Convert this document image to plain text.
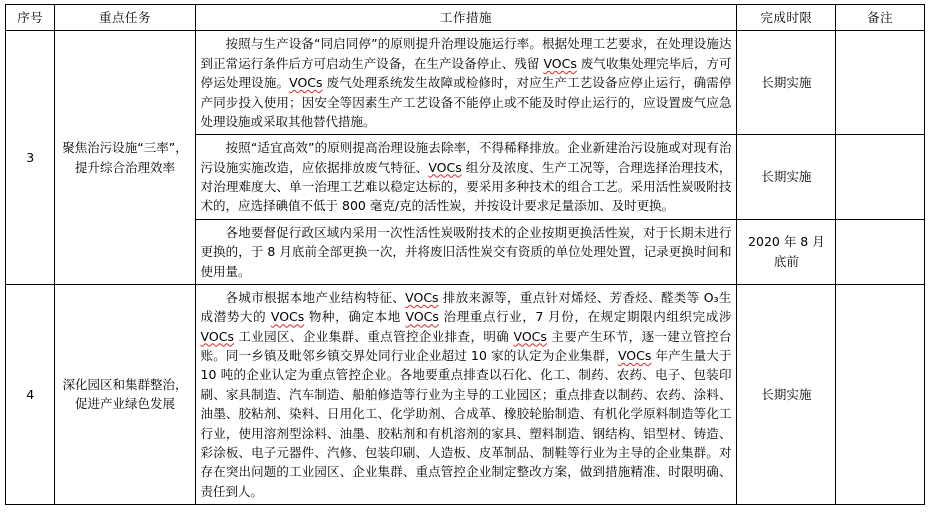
序号	重点任务	工作措施	完成时限	备注
3	聚焦治污设施“三率”，提升综合治理效率	按照与生产设备“同启同停”的原则提升治理设施运行率。根据处理工艺要求，在处理设施达到正常运行条件后方可启动生产设备，在生产设备停止、残留 VOCs 废气收集处理完毕后，方可停运处理设施。VOCs 废气处理系统发生故障或检修时，对应生产工艺设备应停止运行，确需停产同步投入使用；因安全等因素生产工艺设备不能停止或不能及时停止运行的，应设置废气应急处理设施或采取其他替代措施。	长期实施	

		按照“适宜高效”的原则提高治理设施去除率，不得稀释排放。企业新建治污设施或对现有治污设施实施改造，应依据排放废气特征、VOCs 组分及浓度、生产工况等，合理选择治理技术，对治理难度大、单一治理工艺难以稳定达标的，要采用多种技术的组合工艺。采用活性炭吸附技术的，应选择碘值不低于 800 毫克/克的活性炭，并按设计要求足量添加、及时更换。	长期实施	

		各地要督促行政区域内采用一次性活性炭吸附技术的企业按期更换活性炭，对于长期未进行更换的，于 8 月底前全部更换一次，并将废旧活性炭交有资质的单位处理处置，记录更换时间和使用量。	2020 年 8 月底前	
4	深化园区和集群整治，促进产业绿色发展	各城市根据本地产业结构特征、VOCs 排放来源等，重点针对烯烃、芳香烃、醛类等 O₃生成潜势大的 VOCs 物种，确定本地 VOCs 治理重点行业，7 月份，在规定期限内组织完成涉 VOCs 工业园区、企业集群、重点管控企业排查，明确 VOCs 主要产生环节，逐一建立管控台账。同一乡镇及毗邻乡镇交界处同行业企业超过 10 家的认定为企业集群，VOCs 年产生量大于 10 吨的企业认定为重点管控企业。各地要重点排查以石化、化工、制药、农药、电子、包装印刷、家具制造、汽车制造、船舶修造等行业为主导的工业园区；重点排查以制药、农药、涂料、油墨、胶粘剂、染料、日用化工、化学助剂、合成革、橡胶轮胎制造、有机化学原料制造等化工行业，使用溶剂型涂料、油墨、胶粘剂和有机溶剂的家具、塑料制造、钢结构、铝型材、铸造、彩涂板、电子元器件、汽修、包装印刷、人造板、皮革制品、制鞋等行业为主导的企业集群。对存在突出问题的工业园区、企业集群、重点管控企业制定整改方案，做到措施精准、时限明确、责任到人。	长期实施	
